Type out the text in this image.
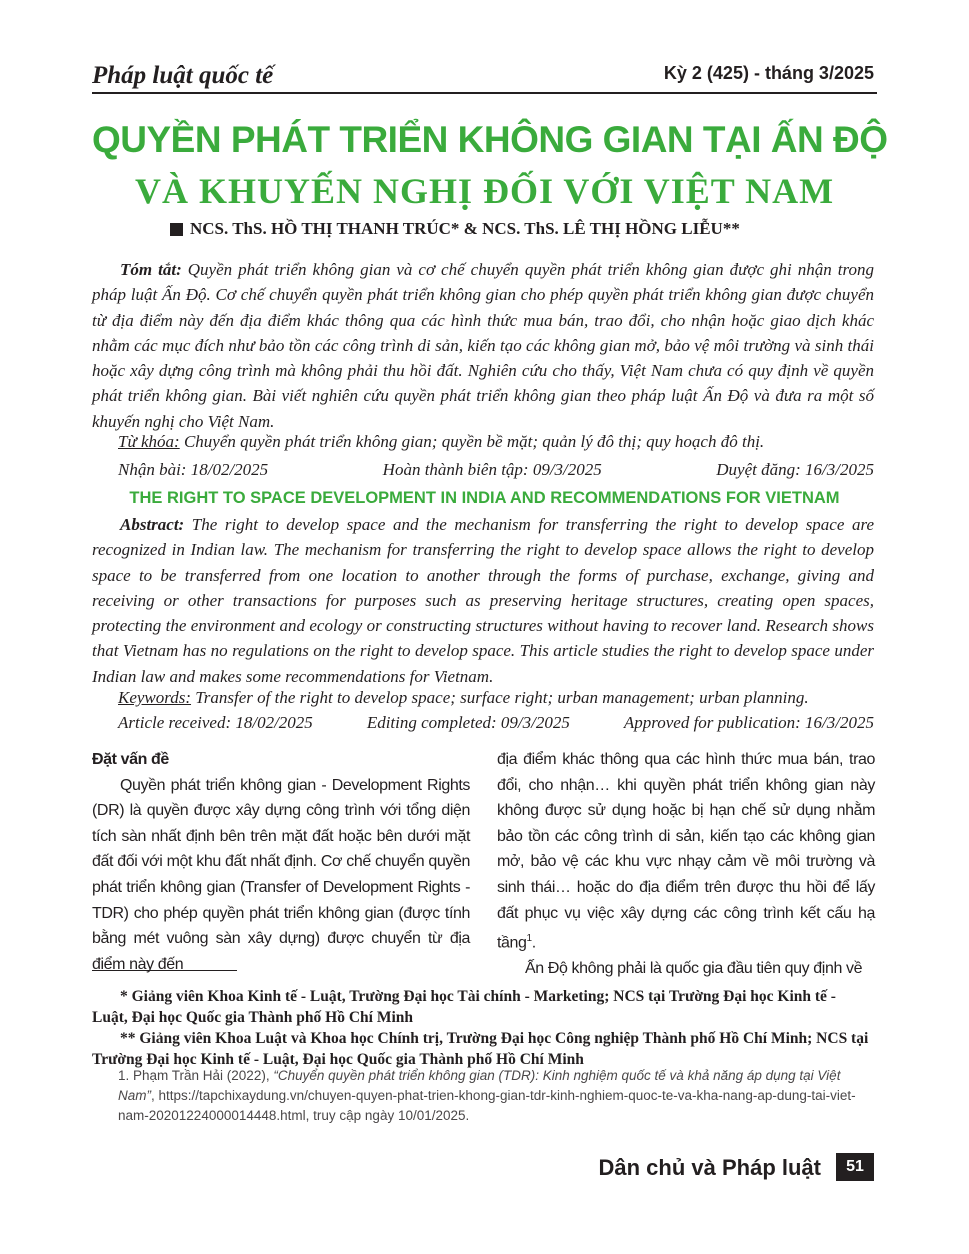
Pháp luật quốc tế	Kỳ 2 (425) - tháng 3/2025
QUYỀN PHÁT TRIỂN KHÔNG GIAN TẠI ẤN ĐỘ
VÀ KHUYẾN NGHỊ ĐỐI VỚI VIỆT NAM
NCS. ThS. HỒ THỊ THANH TRÚC* & NCS. ThS. LÊ THỊ HỒNG LIỄU**

Tóm tắt: Quyền phát triển không gian và cơ chế chuyển quyền phát triển không gian được ghi nhận trong pháp luật Ấn Độ. Cơ chế chuyển quyền phát triển không gian cho phép quyền phát triển không gian được chuyển từ địa điểm này đến địa điểm khác thông qua các hình thức mua bán, trao đổi, cho nhận hoặc giao dịch khác nhằm các mục đích như bảo tồn các công trình di sản, kiến tạo các không gian mở, bảo vệ môi trường và sinh thái hoặc xây dựng công trình mà không phải thu hồi đất. Nghiên cứu cho thấy, Việt Nam chưa có quy định về quyền phát triển không gian. Bài viết nghiên cứu quyền phát triển không gian theo pháp luật Ấn Độ và đưa ra một số khuyến nghị cho Việt Nam.

Từ khóa: Chuyển quyền phát triển không gian; quyền bề mặt; quản lý đô thị; quy hoạch đô thị.
Nhận bài: 18/02/2025	Hoàn thành biên tập: 09/3/2025	Duyệt đăng: 16/3/2025
THE RIGHT TO SPACE DEVELOPMENT IN INDIA AND RECOMMENDATIONS FOR VIETNAM

Abstract: The right to develop space and the mechanism for transferring the right to develop space are recognized in Indian law. The mechanism for transferring the right to develop space allows the right to develop space to be transferred from one location to another through the forms of purchase, exchange, giving and receiving or other transactions for purposes such as preserving heritage structures, creating open spaces, protecting the environment and ecology or constructing structures without having to recover land. Research shows that Vietnam has no regulations on the right to develop space. This article studies the right to develop space under Indian law and makes some recommendations for Vietnam.

Keywords: Transfer of the right to develop space; surface right; urban management; urban planning.
Article received: 18/02/2025	Editing completed: 09/3/2025	Approved for publication: 16/3/2025

Đặt vấn đề

Quyền phát triển không gian - Development Rights (DR) là quyền được xây dựng công trình với tổng diện tích sàn nhất định bên trên mặt đất hoặc bên dưới mặt đất đối với một khu đất nhất định. Cơ chế chuyển quyền phát triển không gian (Transfer of Development Rights - TDR) cho phép quyền phát triển không gian (được tính bằng mét vuông sàn xây dựng) được chuyển từ địa điểm này đến

địa điểm khác thông qua các hình thức mua bán, trao đổi, cho nhận… khi quyền phát triển không gian này không được sử dụng hoặc bị hạn chế sử dụng nhằm bảo tồn các công trình di sản, kiến tạo các không gian mở, bảo vệ các khu vực nhạy cảm về môi trường và sinh thái… hoặc do địa điểm trên được thu hồi để lấy đất phục vụ việc xây dựng các công trình kết cấu hạ tầng$^1$.

Ấn Độ không phải là quốc gia đầu tiên quy định về

* Giảng viên Khoa Kinh tế - Luật, Trường Đại học Tài chính - Marketing; NCS tại Trường Đại học Kinh tế - Luật, Đại học Quốc gia Thành phố Hồ Chí Minh
** Giảng viên Khoa Luật và Khoa học Chính trị, Trường Đại học Công nghiệp Thành phố Hồ Chí Minh; NCS tại Trường Đại học Kinh tế - Luật, Đại học Quốc gia Thành phố Hồ Chí Minh
1. Phạm Trần Hải (2022), “Chuyển quyền phát triển không gian (TDR): Kinh nghiệm quốc tế và khả năng áp dụng tại Việt Nam”, https://tapchixaydung.vn/chuyen-quyen-phat-trien-khong-gian-tdr-kinh-nghiem-quoc-te-va-kha-nang-ap-dung-tai-viet-nam-20201224000014448.html, truy cập ngày 10/01/2025.
Dân chủ và Pháp luật	51
